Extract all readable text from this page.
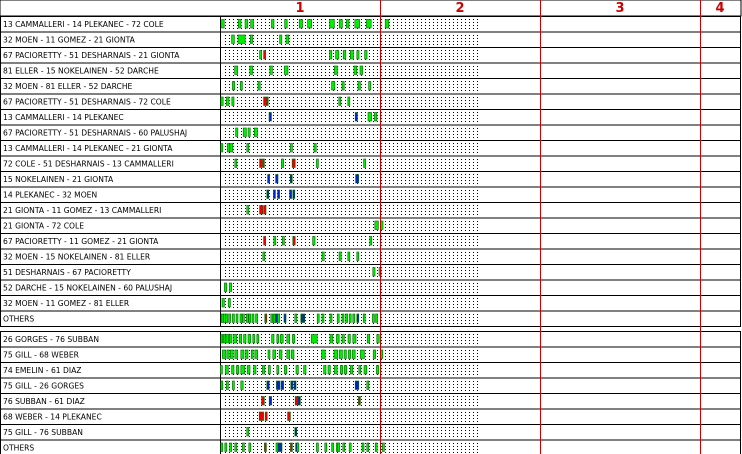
1	2	3	4
13 CAMMALLERI - 14 PLEKANEC - 72 COLE
32 MOEN - 11 GOMEZ - 21 GIONTA
67 PACIORETTY - 51 DESHARNAIS - 21 GIONTA
81 ELLER - 15 NOKELAINEN - 52 DARCHE
32 MOEN - 81 ELLER - 52 DARCHE
67 PACIORETTY - 51 DESHARNAIS - 72 COLE
13 CAMMALLERI - 14 PLEKANEC
67 PACIORETTY - 51 DESHARNAIS - 60 PALUSHAJ
13 CAMMALLERI - 14 PLEKANEC - 21 GIONTA
72 COLE - 51 DESHARNAIS - 13 CAMMALLERI
15 NOKELAINEN - 21 GIONTA
14 PLEKANEC - 32 MOEN
21 GIONTA - 11 GOMEZ - 13 CAMMALLERI
21 GIONTA - 72 COLE
67 PACIORETTY - 11 GOMEZ - 21 GIONTA
32 MOEN - 15 NOKELAINEN - 81 ELLER
51 DESHARNAIS - 67 PACIORETTY
52 DARCHE - 15 NOKELAINEN - 60 PALUSHAJ
32 MOEN - 11 GOMEZ - 81 ELLER
OTHERS
26 GORGES - 76 SUBBAN
75 GILL - 68 WEBER
74 EMELIN - 61 DIAZ
75 GILL - 26 GORGES
76 SUBBAN - 61 DIAZ
68 WEBER - 14 PLEKANEC
75 GILL - 76 SUBBAN
OTHERS
